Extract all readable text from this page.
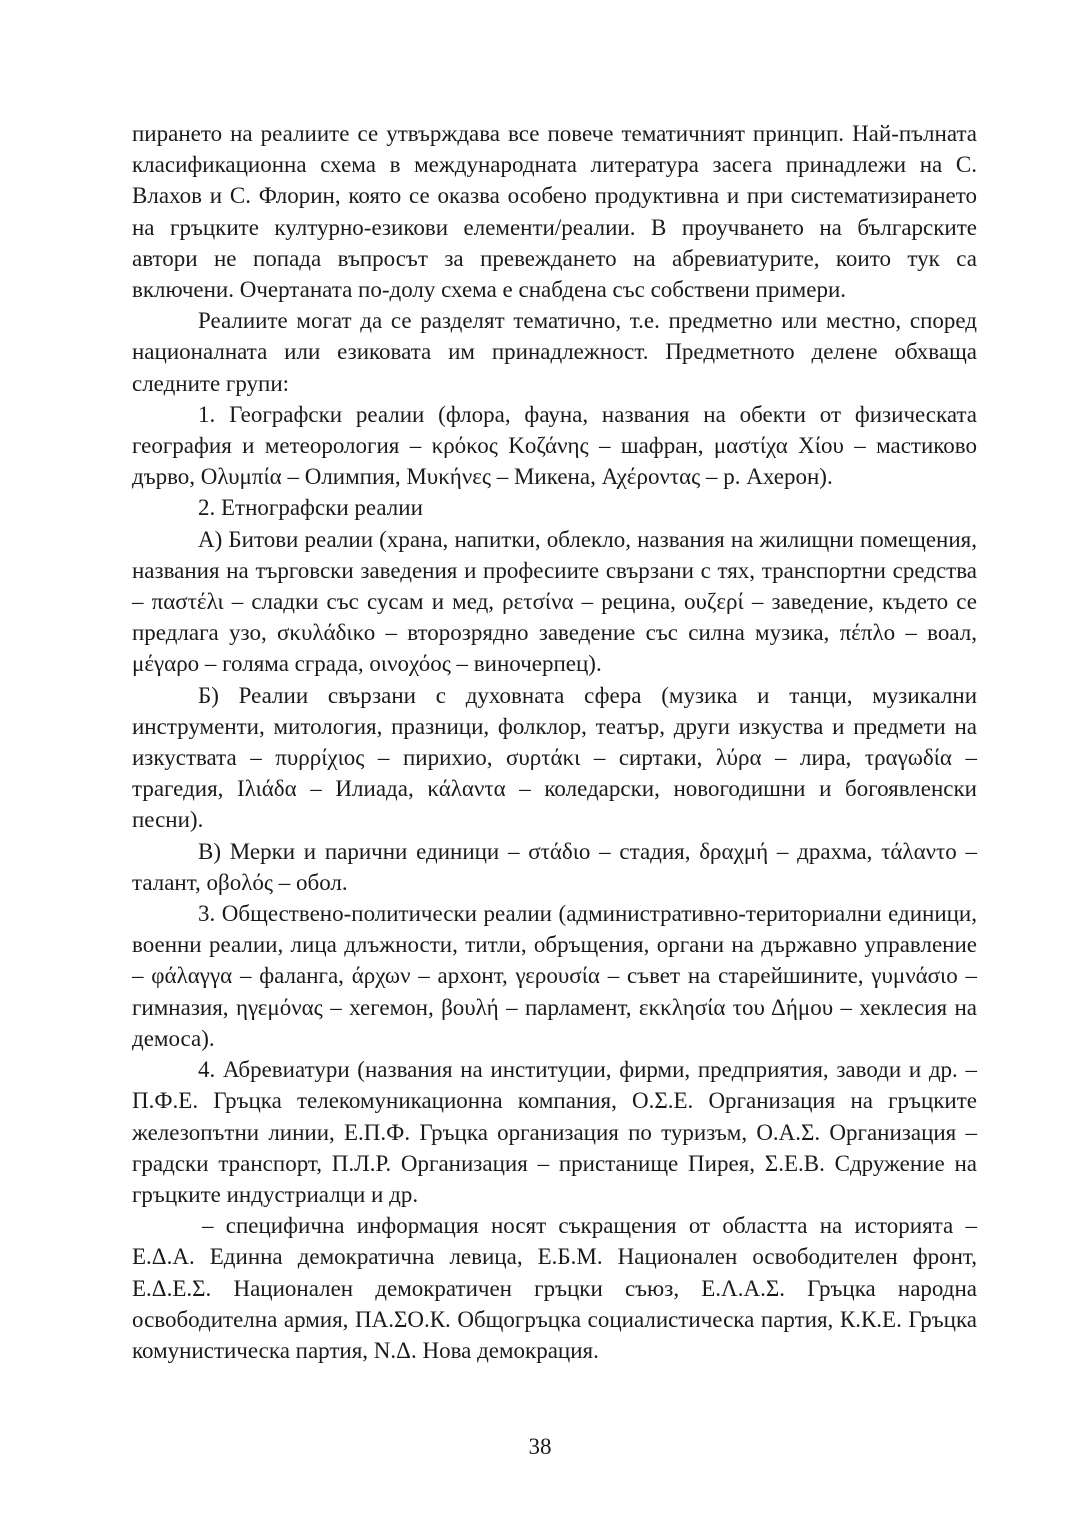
пирането на реалиите се утвърждава все повече тематичният принцип. Най-пълната класификационна схема в международната литература засега принадлежи на С. Влахов и С. Флорин, която се оказва особено продуктивна и при систематизирането на гръцките културно-езикови елементи/реалии. В проучването на българските автори не попада въпросът за превеждането на абревиатурите, които тук са включени. Очертаната по-долу схема е снабдена със собствени примери.

Реалиите могат да се разделят тематично, т.е. предметно или местно, според националната или езиковата им принадлежност. Предметното делене обхваща следните групи:

1. Географски реалии (флора, фауна, названия на обекти от физическата география и метеорология – κρόκος Κοζάνης – шафран, μαστίχα Χίου – мастиково дърво, Ολυμπία – Олимпия, Μυκήνες – Микена, Αχέροντας – р. Ахерон).

2. Етнографски реалии

А) Битови реалии (храна, напитки, облекло, названия на жилищни помещения, названия на търговски заведения и професиите свързани с тях, транспортни средства – παστέλι – сладки със сусам и мед, ρετσίνα – рецина, ουζερί – заведение, където се предлага узо, σκυλάδικο – второзрядно заведение със силна музика, πέπλο – воал, μέγαρο – голяма сграда, οινοχόος – виночерпец).

Б) Реалии свързани с духовната сфера (музика и танци, музикални инструменти, митология, празници, фолклор, театър, други изкуства и предмети на изкуствата – πυρρίχιος – пирихио, συρτάκι – сиртаки, λύρα – лира, τραγωδία – трагедия, Ιλιάδα – Илиада, κάλαντα – коледарски, новогодишни и богоявленски песни).

В) Мерки и парични единици – στάδιο – стадия, δραχμή – драхма, τάλαντο – талант, οβολός – обол.

3. Обществено-политически реалии (административно-териториални единици, военни реалии, лица длъжности, титли, обръщения, органи на държавно управление – φάλαγγα – фаланга, άρχων – архонт, γερουσία – съвет на старейшините, γυμνάσιο – гимназия, ηγεμόνας – хегемон, βουλή – парламент, εκκλησία του Δήμου – хеклесия на демоса).

4. Абревиатури (названия на институции, фирми, предприятия, заводи и др. – П.Ф.Е. Гръцка телекомуникационна компания, О.Σ.Е. Организация на гръцките железопътни линии, Е.П.Ф. Гръцка организация по туризъм, О.А.Σ. Организация – градски транспорт, П.Л.Р. Организация – пристанище Пирея, Σ.Е.В. Сдружение на гръцките индустриалци и др.

– специфична информация носят съкращения от областта на историята – Е.Δ.А. Единна демократична левица, Е.Б.М. Национален освободителен фронт, Е.Δ.Е.Σ. Национален демократичен гръцки съюз, Е.Λ.А.Σ. Гръцка народна освободителна армия, ПА.ΣО.К. Общогръцка социалистическа партия, К.К.Е. Гръцка комунистическа партия, N.Δ. Нова демокрация.

38
